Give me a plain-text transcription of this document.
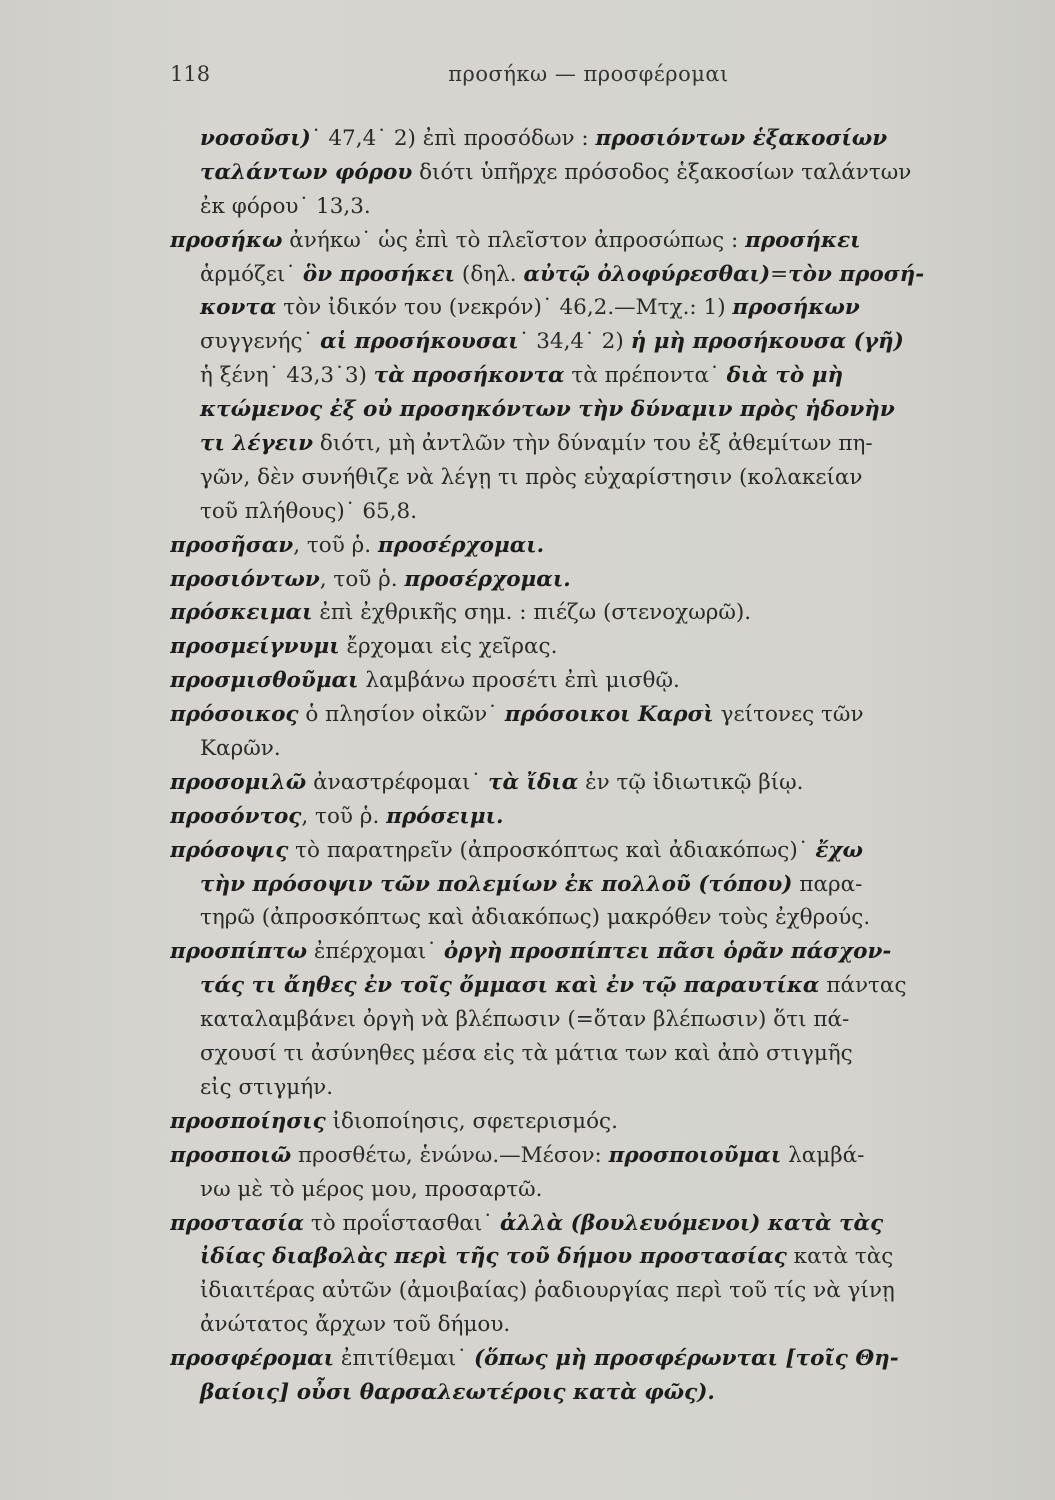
118	προσήκω — προσφέρομαι
νοσοῦσι)˙ 47,4˙ 2) ἐπὶ προσόδων : προσιόντων ἑξακοσίων
ταλάντων φόρου διότι ὑπῆρχε πρόσοδος ἑξακοσίων ταλάντων
ἐκ φόρου˙ 13,3.
προσήκω ἀνήκω˙ ὡς ἐπὶ τὸ πλεῖστον ἀπροσώπως : προσήκει
ἁρμόζει˙ ὃν προσήκει (δηλ. αὐτῷ ὀλοφύρεσθαι)=τὸν προσή-
κοντα τὸν ἰδικόν του (νεκρόν)˙ 46,2.—Μτχ.: 1) προσήκων
συγγενής˙ αἱ προσήκουσαι˙ 34,4˙ 2) ἡ μὴ προσήκουσα (γῆ)
ἡ ξένη˙ 43,3˙3) τὰ προσήκοντα τὰ πρέποντα˙ διὰ τὸ μὴ
κτώμενος ἐξ οὐ προσηκόντων τὴν δύναμιν πρὸς ἡδονὴν
τι λέγειν διότι, μὴ ἀντλῶν τὴν δύναμίν του ἐξ ἀθεμίτων πη-
γῶν, δὲν συνήθιζε νὰ λέγῃ τι πρὸς εὐχαρίστησιν (κολακείαν
τοῦ πλήθους)˙ 65,8.
προσῆσαν, τοῦ ῥ. προσέρχομαι.
προσιόντων, τοῦ ῥ. προσέρχομαι.
πρόσκειμαι ἐπὶ ἐχθρικῆς σημ. : πιέζω (στενοχωρῶ).
προσμείγνυμι ἔρχομαι εἰς χεῖρας.
προσμισθοῦμαι λαμβάνω προσέτι ἐπὶ μισθῷ.
πρόσοικος ὁ πλησίον οἰκῶν˙ πρόσοικοι Καρσὶ γείτονες τῶν
Καρῶν.
προσομιλῶ ἀναστρέφομαι˙ τὰ ἴδια ἐν τῷ ἰδιωτικῷ βίῳ.
προσόντος, τοῦ ῥ. πρόσειμι.
πρόσοψις τὸ παρατηρεῖν (ἀπροσκόπτως καὶ ἀδιακόπως)˙ ἔχω
τὴν πρόσοψιν τῶν πολεμίων ἐκ πολλοῦ (τόπου) παρα-
τηρῶ (ἀπροσκόπτως καὶ ἀδιακόπως) μακρόθεν τοὺς ἐχθρούς.
προσπίπτω ἐπέρχομαι˙ ὀργὴ προσπίπτει πᾶσι ὁρᾶν πάσχον-
τάς τι ἄηθες ἐν τοῖς ὄμμασι καὶ ἐν τῷ παραυτίκα πάντας
καταλαμβάνει ὀργὴ νὰ βλέπωσιν (=ὅταν βλέπωσιν) ὅτι πά-
σχουσί τι ἀσύνηθες μέσα εἰς τὰ μάτια των καὶ ἀπὸ στιγμῆς
εἰς στιγμήν.
προσποίησις ἰδιοποίησις, σφετερισμός.
προσποιῶ προσθέτω, ἑνώνω.—Μέσον: προσποιοῦμαι λαμβά-
νω μὲ τὸ μέρος μου, προσαρτῶ.
προστασία τὸ προΐστασθαι˙ ἀλλὰ (βουλευόμενοι) κατὰ τὰς
ἰδίας διαβολὰς περὶ τῆς τοῦ δήμου προστασίας κατὰ τὰς
ἰδιαιτέρας αὐτῶν (ἀμοιβαίας) ῥαδιουργίας περὶ τοῦ τίς νὰ γίνῃ
ἀνώτατος ἄρχων τοῦ δήμου.
προσφέρομαι ἐπιτίθεμαι˙ (ὅπως μὴ προσφέρωνται [τοῖς Θη-
βαίοις] οὖσι θαρσαλεωτέροις κατὰ φῶς).
